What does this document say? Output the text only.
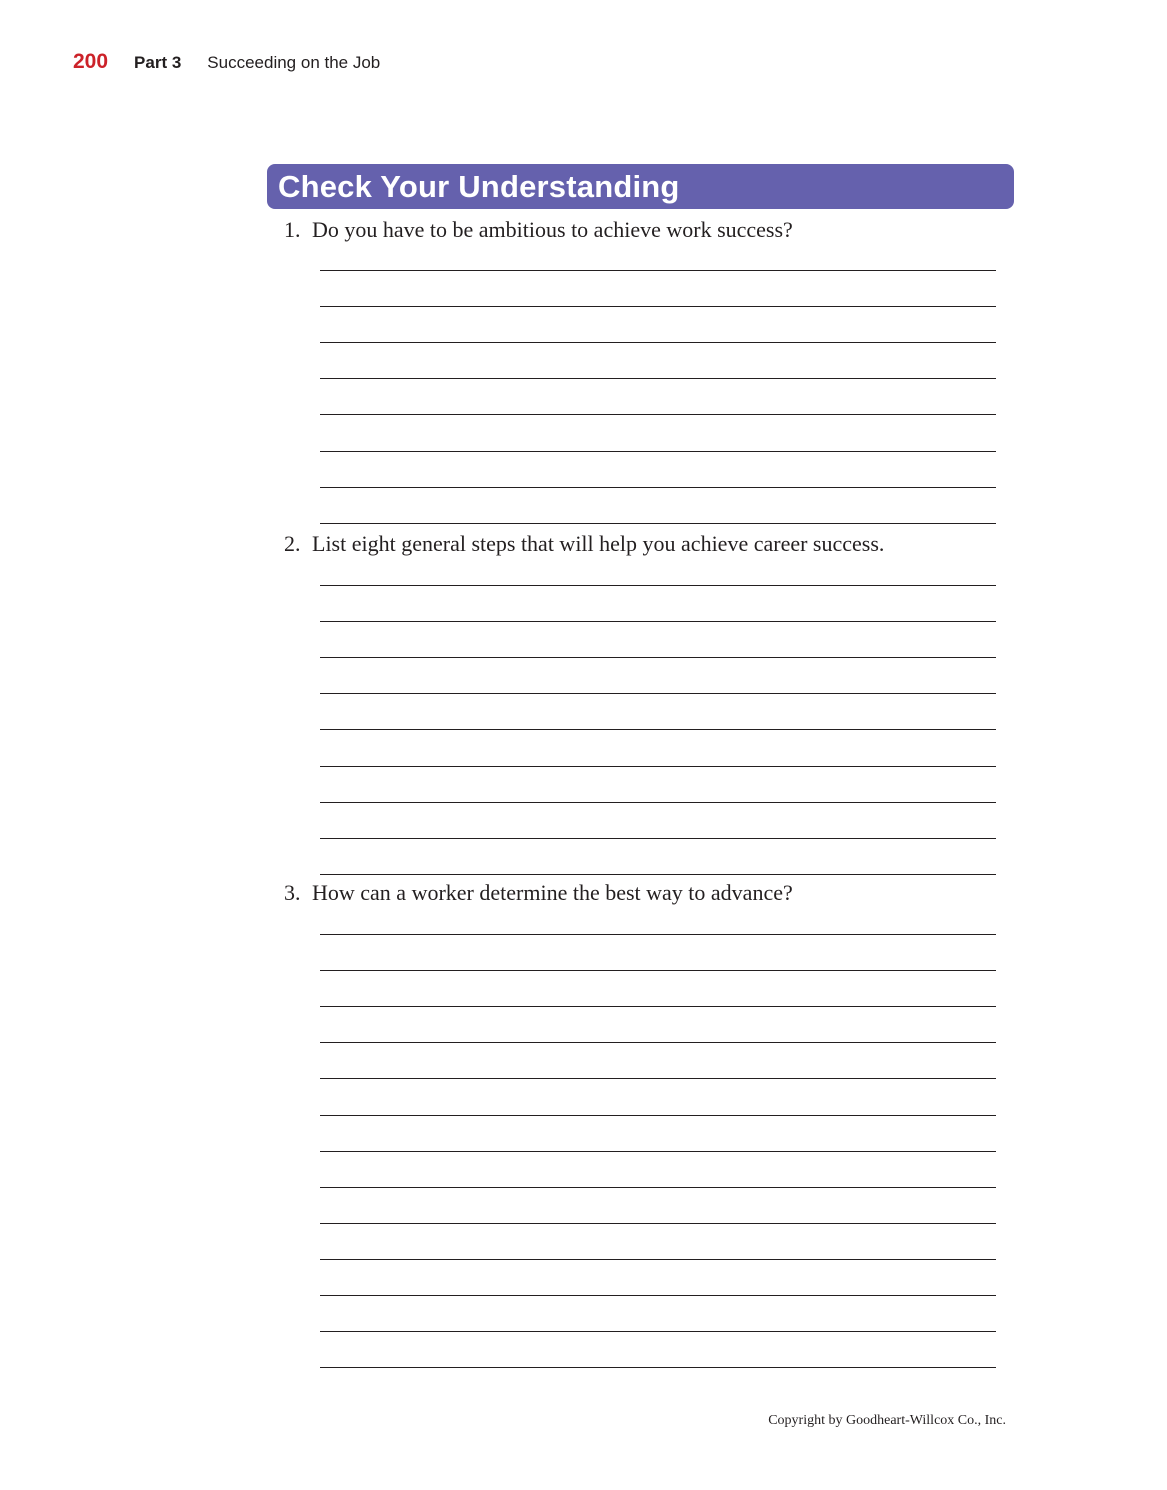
200 Part 3 Succeeding on the Job
Check Your Understanding
1. Do you have to be ambitious to achieve work success?
2. List eight general steps that will help you achieve career success.
3. How can a worker determine the best way to advance?
Copyright by Goodheart-Willcox Co., Inc.
